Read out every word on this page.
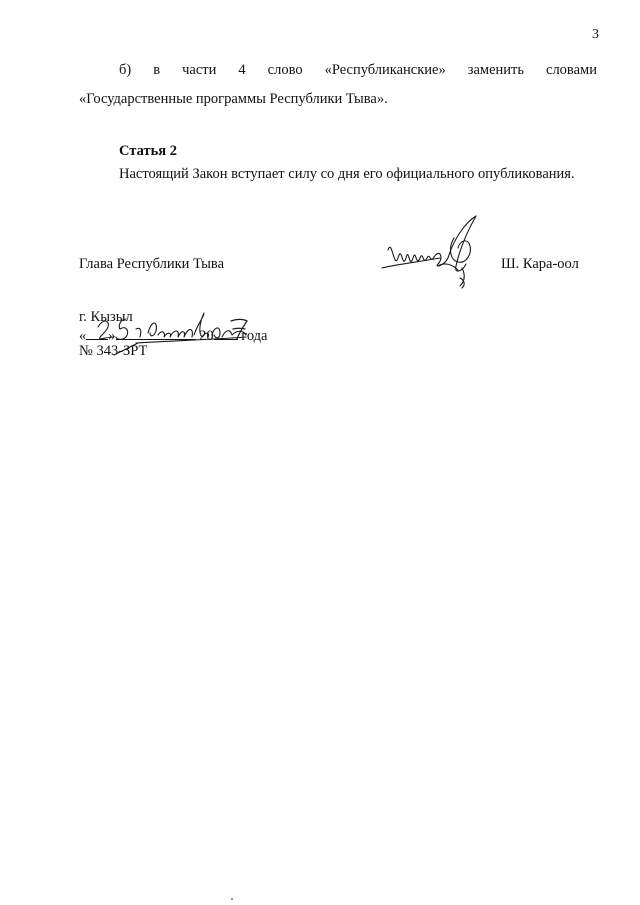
3
б) в части 4 слово «Республиканские» заменить словами
«Государственные программы Республики Тыва».
Статья 2
Настоящий Закон вступает силу со дня его официального опубликования.
Глава Республики Тыва	Ш. Кара-оол
г. Кызыл
« »	20 года
№ 343-ЗРТ
